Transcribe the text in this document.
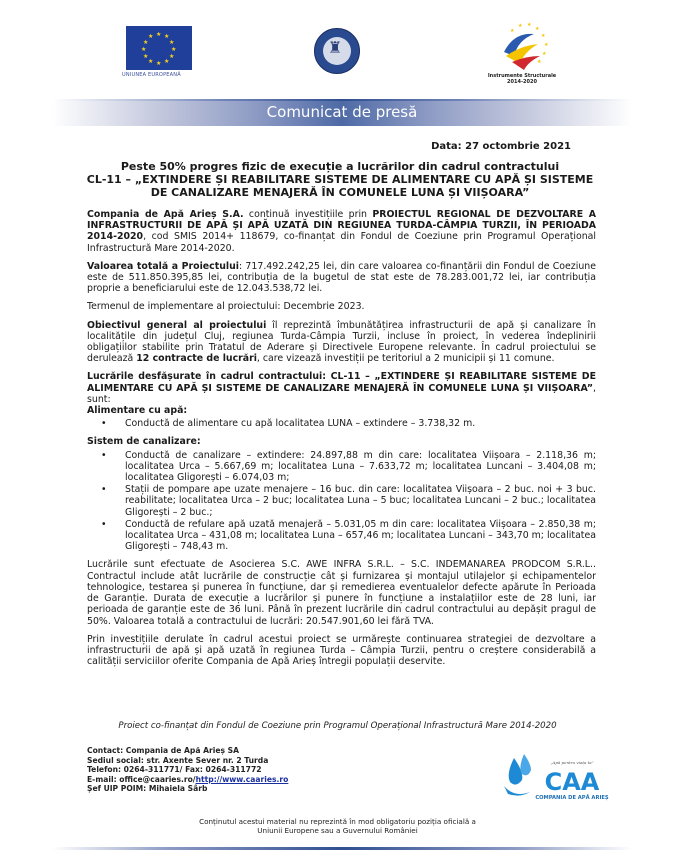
★ ★
★
★
★
★
★
★
★
★
★
★
UNIUNEA EUROPEANĂ
♜
★
★ ★
★
★
★
★
★
Instrumente Structurale
2014-2020
Comunicat de presă
Data: 27 octombrie 2021
Peste 50% progres fizic de execuție a lucrărilor din cadrul contractului
CL-11 – „EXTINDERE ȘI REABILITARE SISTEME DE ALIMENTARE CU APĂ ȘI SISTEME DE CANALIZARE MENAJERĂ ÎN COMUNELE LUNA ȘI VIIȘOARA”

Compania de Apă Arieș S.A. continuă investițiile prin PROIECTUL REGIONAL DE DEZVOLTARE A INFRASTRUCTURII DE APĂ ȘI APĂ UZATĂ DIN REGIUNEA TURDA-CÂMPIA TURZII, ÎN PERIOADA 2014-2020, cod SMIS 2014+ 118679, co-finanțat din Fondul de Coeziune prin Programul Operațional Infrastructură Mare 2014-2020.

Valoarea totală a Proiectului: 717.492.242,25 lei, din care valoarea co-finanțării din Fondul de Coeziune este de 511.850.395,85 lei, contribuția de la bugetul de stat este de 78.283.001,72 lei, iar contribuția proprie a beneficiarului este de 12.043.538,72 lei.

Termenul de implementare al proiectului: Decembrie 2023.

Obiectivul general al proiectului îl reprezintă îmbunătățirea infrastructurii de apă și canalizare în localitățile din județul Cluj, regiunea Turda-Câmpia Turzii, incluse în proiect, în vederea îndeplinirii obligațiilor stabilite prin Tratatul de Aderare și Directivele Europene relevante. În cadrul proiectului se derulează 12 contracte de lucrări, care vizează investiții pe teritoriul a 2 municipii și 11 comune.

Lucrările desfășurate în cadrul contractului: CL-11 – „EXTINDERE ȘI REABILITARE SISTEME DE ALIMENTARE CU APĂ ȘI SISTEME DE CANALIZARE MENAJERĂ ÎN COMUNELE LUNA ȘI VIIȘOARA”, sunt:

Alimentare cu apă:
• Conductă de alimentare cu apă localitatea LUNA – extindere – 3.738,32 m.
Sistem de canalizare:
• Conductă de canalizare – extindere: 24.897,88 m din care: localitatea Viișoara – 2.118,36 m; localitatea Urca – 5.667,69 m; localitatea Luna – 7.633,72 m; localitatea Luncani – 3.404,08 m; localitatea Gligorești – 6.074,03 m;
• Stații de pompare ape uzate menajere – 16 buc. din care: localitatea Viișoara – 2 buc. noi + 3 buc. reabilitate; localitatea Urca – 2 buc; localitatea Luna – 5 buc; localitatea Luncani – 2 buc.; localitatea Gligorești – 2 buc.;
• Conductă de refulare apă uzată menajeră – 5.031,05 m din care: localitatea Viișoara – 2.850,38 m; localitatea Urca – 431,08 m; localitatea Luna – 657,46 m; localitatea Luncani – 343,70 m; localitatea Gligorești – 748,43 m.

Lucrările sunt efectuate de Asocierea S.C. AWE INFRA S.R.L. – S.C. INDEMANAREA PRODCOM S.R.L.. Contractul include atât lucrările de construcție cât și furnizarea și montajul utilajelor și echipamentelor tehnologice, testarea și punerea în funcțiune, dar și remedierea eventualelor defecte apărute în Perioada de Garanție. Durata de execuție a lucrărilor și punere în funcțiune a instalațiilor este de 28 luni, iar perioada de garanție este de 36 luni. Până în prezent lucrările din cadrul contractului au depășit pragul de 50%. Valoarea totală a contractului de lucrări: 20.547.901,60 lei fără TVA.

Prin investițiile derulate în cadrul acestui proiect se urmărește continuarea strategiei de dezvoltare a infrastructurii de apă și apă uzată în regiunea Turda – Câmpia Turzii, pentru o creștere considerabilă a calității serviciilor oferite Compania de Apă Arieș întregii populații deservite.

Proiect co-finanțat din Fondul de Coeziune prin Programul Operațional Infrastructură Mare 2014-2020
Contact: Compania de Apă Arieș SA
Sediul social: str. Axente Sever nr. 2 Turda
Telefon: 0264-311771/ Fax: 0264-311772
E-mail: office@caaries.ro/http://www.caaries.ro
Șef UIP POIM: Mihaiela Sârb
„Apă pentru viața ta”
CAA
COMPANIA DE APĂ ARIEȘ
Conținutul acestui material nu reprezintă în mod obligatoriu poziția oficială a
Uniunii Europene sau a Guvernului României
